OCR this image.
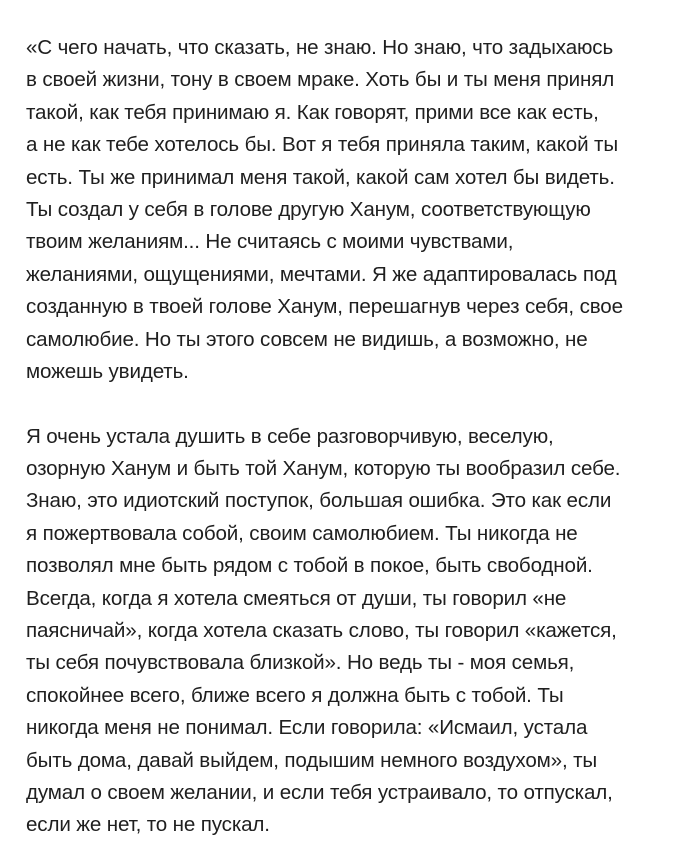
«С чего начать, что сказать, не знаю. Но знаю, что задыхаюсь
в своей жизни, тону в своем мраке. Хоть бы и ты меня принял
такой, как тебя принимаю я. Как говорят, прими все как есть,
а не как тебе хотелось бы. Вот я тебя приняла таким, какой ты
есть. Ты же принимал меня такой, какой сам хотел бы видеть.
Ты создал у себя в голове другую Ханум, соответствующую
твоим желаниям... Не считаясь с моими чувствами,
желаниями, ощущениями, мечтами. Я же адаптировалась под
созданную в твоей голове Ханум, перешагнув через себя, свое
самолюбие. Но ты этого совсем не видишь, а возможно, не
можешь увидеть.

Я очень устала душить в себе разговорчивую, веселую,
озорную Ханум и быть той Ханум, которую ты вообразил себе.
Знаю, это идиотский поступок, большая ошибка. Это как если
я пожертвовала собой, своим самолюбием. Ты никогда не
позволял мне быть рядом с тобой в покое, быть свободной.
Всегда, когда я хотела смеяться от души, ты говорил «не
паясничай», когда хотела сказать слово, ты говорил «кажется,
ты себя почувствовала близкой». Но ведь ты - моя семья,
спокойнее всего, ближе всего я должна быть с тобой. Ты
никогда меня не понимал. Если говорила: «Исмаил, устала
быть дома, давай выйдем, подышим немного воздухом», ты
думал о своем желании, и если тебя устраивало, то отпускал,
если же нет, то не пускал.
